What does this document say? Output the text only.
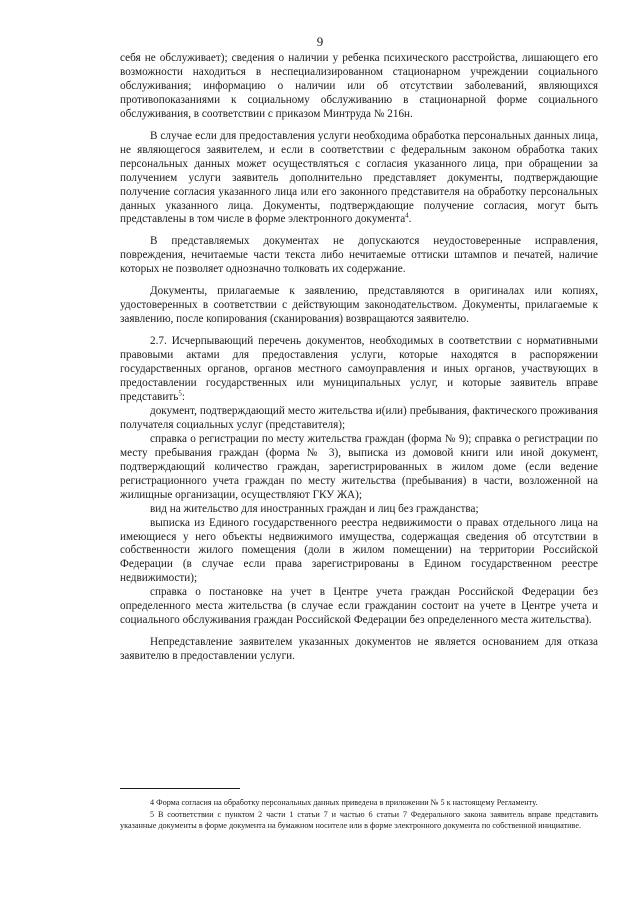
9

себя не обслуживает); сведения о наличии у ребенка психического расстройства, лишающего его возможности находиться в неспециализированном стационарном учреждении социального обслуживания; информацию о наличии или об отсутствии заболеваний, являющихся противопоказаниями к социальному обслуживанию в стационарной форме социального обслуживания, в соответствии с приказом Минтруда № 216н.

В случае если для предоставления услуги необходима обработка персональных данных лица, не являющегося заявителем, и если в соответствии с федеральным законом обработка таких персональных данных может осуществляться с согласия указанного лица, при обращении за получением услуги заявитель дополнительно представляет документы, подтверждающие получение согласия указанного лица или его законного представителя на обработку персональных данных указанного лица. Документы, подтверждающие получение согласия, могут быть представлены в том числе в форме электронного документа$^4$.

В представляемых документах не допускаются неудостоверенные исправления, повреждения, нечитаемые части текста либо нечитаемые оттиски штампов и печатей, наличие которых не позволяет однозначно толковать их содержание.

Документы, прилагаемые к заявлению, представляются в оригиналах или копиях, удостоверенных в соответствии с действующим законодательством. Документы, прилагаемые к заявлению, после копирования (сканирования) возвращаются заявителю.

2.7. Исчерпывающий перечень документов, необходимых в соответствии с нормативными правовыми актами для предоставления услуги, которые находятся в распоряжении государственных органов, органов местного самоуправления и иных органов, участвующих в предоставлении государственных или муниципальных услуг, и которые заявитель вправе представить$^5$:

документ, подтверждающий место жительства и(или) пребывания, фактического проживания получателя социальных услуг (представителя);

справка о регистрации по месту жительства граждан (форма № 9); справка о регистрации по месту пребывания граждан (форма № 3), выписка из домовой книги или иной документ, подтверждающий количество граждан, зарегистрированных в жилом доме (если ведение регистрационного учета граждан по месту жительства (пребывания) в части, возложенной на жилищные организации, осуществляют ГКУ ЖА);

вид на жительство для иностранных граждан и лиц без гражданства;

выписка из Единого государственного реестра недвижимости о правах отдельного лица на имеющиеся у него объекты недвижимого имущества, содержащая сведения об отсутствии в собственности жилого помещения (доли в жилом помещении) на территории Российской Федерации (в случае если права зарегистрированы в Едином государственном реестре недвижимости);

справка о постановке на учет в Центре учета граждан Российской Федерации без определенного места жительства (в случае если гражданин состоит на учете в Центре учета и социального обслуживания граждан Российской Федерации без определенного места жительства).

Непредставление заявителем указанных документов не является основанием для отказа заявителю в предоставлении услуги.

4 Форма согласия на обработку персональных данных приведена в приложении № 5 к настоящему Регламенту.

5 В соответствии с пунктом 2 части 1 статьи 7 и частью 6 статьи 7 Федерального закона заявитель вправе представить указанные документы в форме документа на бумажном носителе или в форме электронного документа по собственной инициативе.
